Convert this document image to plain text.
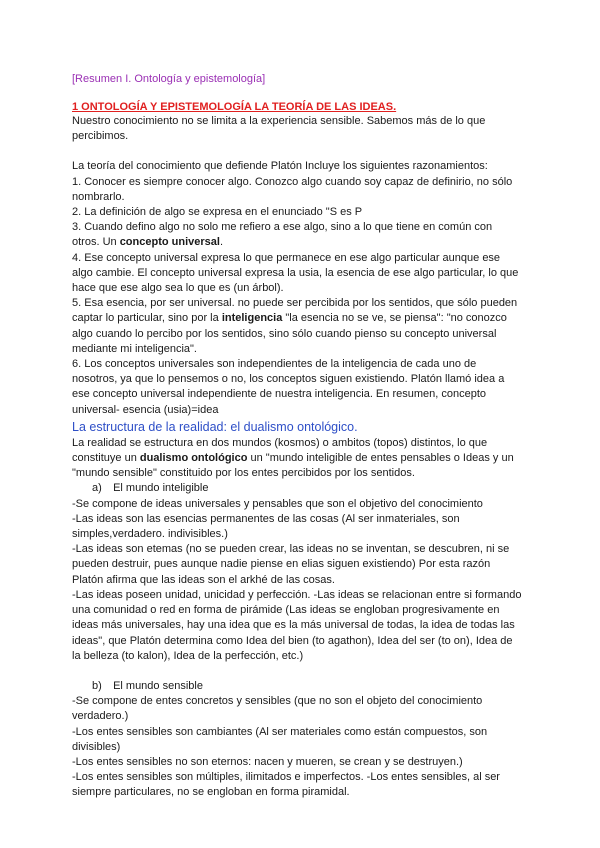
[Resumen I. Ontología y epistemología]

1 ONTOLOGÍA Y EPISTEMOLOGÍA LA TEORÍA DE LAS IDEAS.

Nuestro conocimiento no se limita a la experiencia sensible. Sabemos más de lo que percibimos.

La teoría del conocimiento que defiende Platón Incluye los siguientes razonamientos:

1. Conocer es siempre conocer algo. Conozco algo cuando soy capaz de definirio, no sólo nombrarlo.

2. La definición de algo se expresa en el enunciado "S es P

3. Cuando defino algo no solo me refiero a ese algo, sino a lo que tiene en común con otros. Un concepto universal.

4. Ese concepto universal expresa lo que permanece en ese algo particular aunque ese algo cambie. El concepto universal expresa la usia, la esencia de ese algo particular, lo que hace que ese algo sea lo que es (un árbol).

5. Esa esencia, por ser universal. no puede ser percibida por los sentidos, que sólo pueden captar lo particular, sino por la inteligencia "la esencia no se ve, se piensa": "no conozco algo cuando lo percibo por los sentidos, sino sólo cuando pienso su concepto universal mediante mi inteligencia".

6. Los conceptos universales son independientes de la inteligencia de cada uno de nosotros, ya que lo pensemos o no, los conceptos siguen existiendo. Platón llamó idea a ese concepto universal independiente de nuestra inteligencia. En resumen, concepto universal- esencia (usia)=idea

La estructura de la realidad: el dualismo ontológico.

La realidad se estructura en dos mundos (kosmos) o ambitos (topos) distintos, lo que constituye un dualismo ontológico un "mundo inteligible de entes pensables o Ideas y un "mundo sensible" constituido por los entes percibidos por los sentidos.

a) El mundo inteligible

-Se compone de ideas universales y pensables que son el objetivo del conocimiento

-Las ideas son las esencias permanentes de las cosas (Al ser inmateriales, son simples,verdadero. indivisibles.)

-Las ideas son etemas (no se pueden crear, las ideas no se inventan, se descubren, ni se pueden destruir, pues aunque nadie piense en elias siguen existiendo) Por esta razón Platón afirma que las ideas son el arkhé de las cosas.

-Las ideas poseen unidad, unicidad y perfección. -Las ideas se relacionan entre si formando una comunidad o red en forma de pirámide (Las ideas se engloban progresivamente en ideas más universales, hay una idea que es la más universal de todas, la idea de todas las ideas", que Platón determina como Idea del bien (to agathon), Idea del ser (to on), Idea de la belleza (to kalon), Idea de la perfección, etc.)

b) El mundo sensible

-Se compone de entes concretos y sensibles (que no son el objeto del conocimiento verdadero.)

-Los entes sensibles son cambiantes (Al ser materiales como están compuestos, son divisibles)

-Los entes sensibles no son eternos: nacen y mueren, se crean y se destruyen.)

-Los entes sensibles son múltiples, ilimitados e imperfectos. -Los entes sensibles, al ser siempre particulares, no se engloban en forma piramidal.
